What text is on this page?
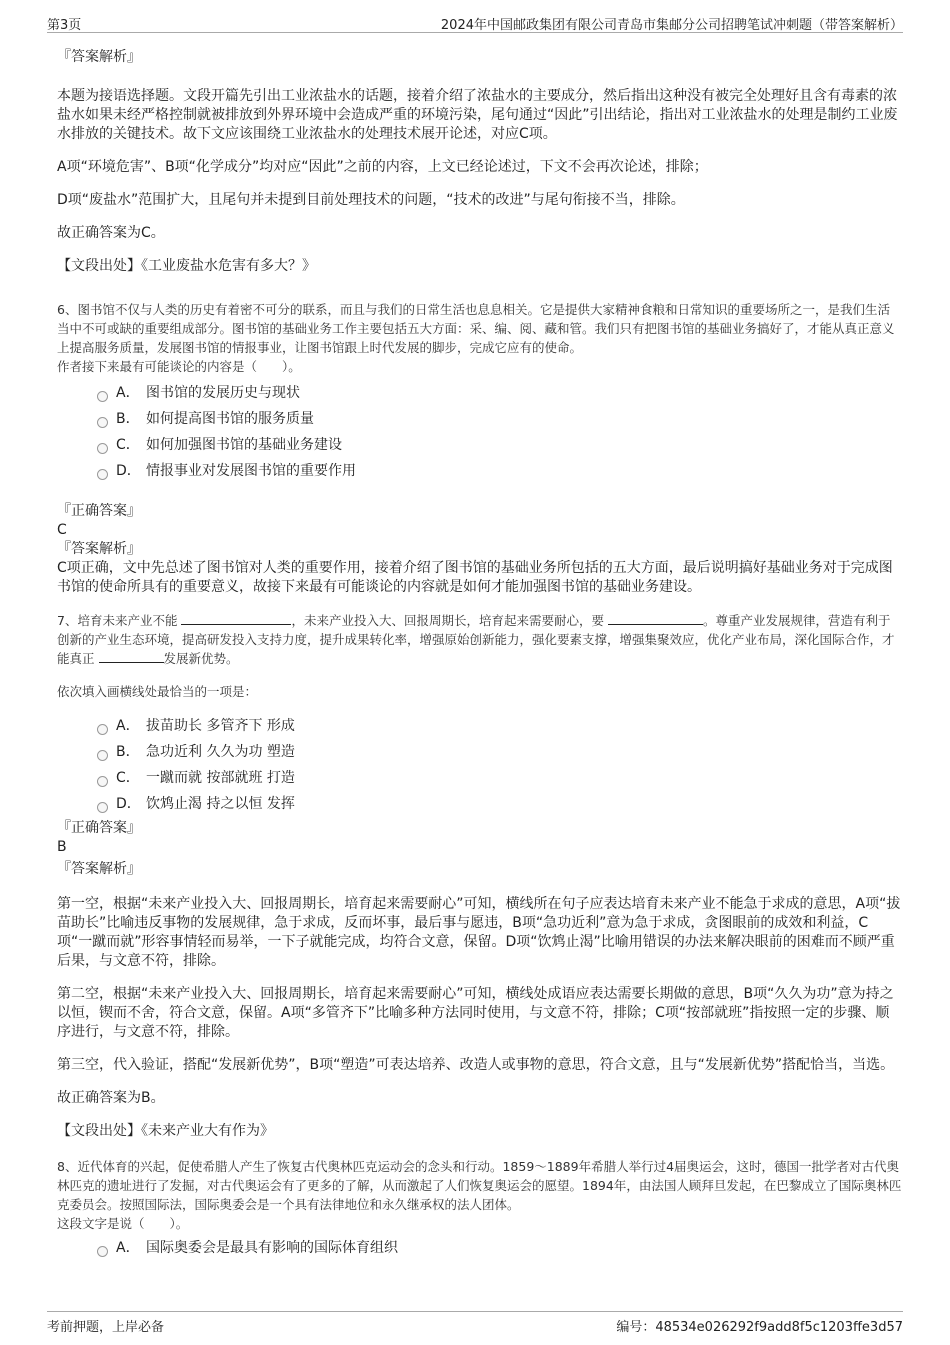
第3页	2024年中国邮政集团有限公司青岛市集邮分公司招聘笔试冲刺题（带答案解析）

『答案解析』

本题为接语选择题。文段开篇先引出工业浓盐水的话题，接着介绍了浓盐水的主要成分，然后指出这种没有被完全处理好且含有毒素的浓盐水如果未经严格控制就被排放到外界环境中会造成严重的环境污染，尾句通过“因此”引出结论，指出对工业浓盐水的处理是制约工业废水排放的关键技术。故下文应该围绕工业浓盐水的处理技术展开论述，对应C项。

A项“环境危害”、B项“化学成分”均对应“因此”之前的内容，上文已经论述过，下文不会再次论述，排除；

D项“废盐水”范围扩大，且尾句并未提到目前处理技术的问题，“技术的改进”与尾句衔接不当，排除。

故正确答案为C。

【文段出处】《工业废盐水危害有多大？》

6、图书馆不仅与人类的历史有着密不可分的联系，而且与我们的日常生活也息息相关。它是提供大家精神食粮和日常知识的重要场所之一，是我们生活当中不可或缺的重要组成部分。图书馆的基础业务工作主要包括五大方面：采、编、阅、藏和管。我们只有把图书馆的基础业务搞好了，才能从真正意义上提高服务质量，发展图书馆的情报事业，让图书馆跟上时代发展的脚步，完成它应有的使命。

作者接下来最有可能谈论的内容是（　　）。

A． 图书馆的发展历史与现状
B． 如何提高图书馆的服务质量
C． 如何加强图书馆的基础业务建设
D． 情报事业对发展图书馆的重要作用

『正确答案』

C

『答案解析』

C项正确，文中先总述了图书馆对人类的重要作用，接着介绍了图书馆的基础业务所包括的五大方面，最后说明搞好基础业务对于完成图书馆的使命所具有的重要意义，故接下来最有可能谈论的内容就是如何才能加强图书馆的基础业务建设。

7、培育未来产业不能	，未来产业投入大、回报周期长，培育起来需要耐心，要	。尊重产业发展规律，营造有利于创新的产业生态环境，提高研发投入支持力度，提升成果转化率，增强原始创新能力，强化要素支撑，增强集聚效应，优化产业布局，深化国际合作，才能真正	发展新优势。

依次填入画横线处最恰当的一项是：

A． 拔苗助长 多管齐下 形成
B． 急功近利 久久为功 塑造
C． 一蹴而就 按部就班 打造
D． 饮鸩止渴 持之以恒 发挥

『正确答案』

B

『答案解析』

第一空，根据“未来产业投入大、回报周期长，培育起来需要耐心”可知，横线所在句子应表达培育未来产业不能急于求成的意思，A项“拔苗助长”比喻违反事物的发展规律，急于求成，反而坏事，最后事与愿违，B项“急功近利”意为急于求成，贪图眼前的成效和利益，C项“一蹴而就”形容事情轻而易举，一下子就能完成，均符合文意，保留。D项“饮鸩止渴”比喻用错误的办法来解决眼前的困难而不顾严重后果，与文意不符，排除。

第二空，根据“未来产业投入大、回报周期长，培育起来需要耐心”可知，横线处成语应表达需要长期做的意思，B项“久久为功”意为持之以恒，锲而不舍，符合文意，保留。A项“多管齐下”比喻多种方法同时使用，与文意不符，排除；C项“按部就班”指按照一定的步骤、顺序进行，与文意不符，排除。

第三空，代入验证，搭配“发展新优势”，B项“塑造”可表达培养、改造人或事物的意思，符合文意，且与“发展新优势”搭配恰当，当选。

故正确答案为B。

【文段出处】《未来产业大有作为》

8、近代体育的兴起，促使希腊人产生了恢复古代奥林匹克运动会的念头和行动。1859～1889年希腊人举行过4届奥运会，这时，德国一批学者对古代奥林匹克的遗址进行了发掘，对古代奥运会有了更多的了解，从而激起了人们恢复奥运会的愿望。1894年，由法国人顾拜旦发起，在巴黎成立了国际奥林匹克委员会。按照国际法，国际奥委会是一个具有法律地位和永久继承权的法人团体。

这段文字是说（　　）。

A． 国际奥委会是最具有影响的国际体育组织
考前押题，上岸必备	编号：48534e026292f9add8f5c1203ffe3d57
